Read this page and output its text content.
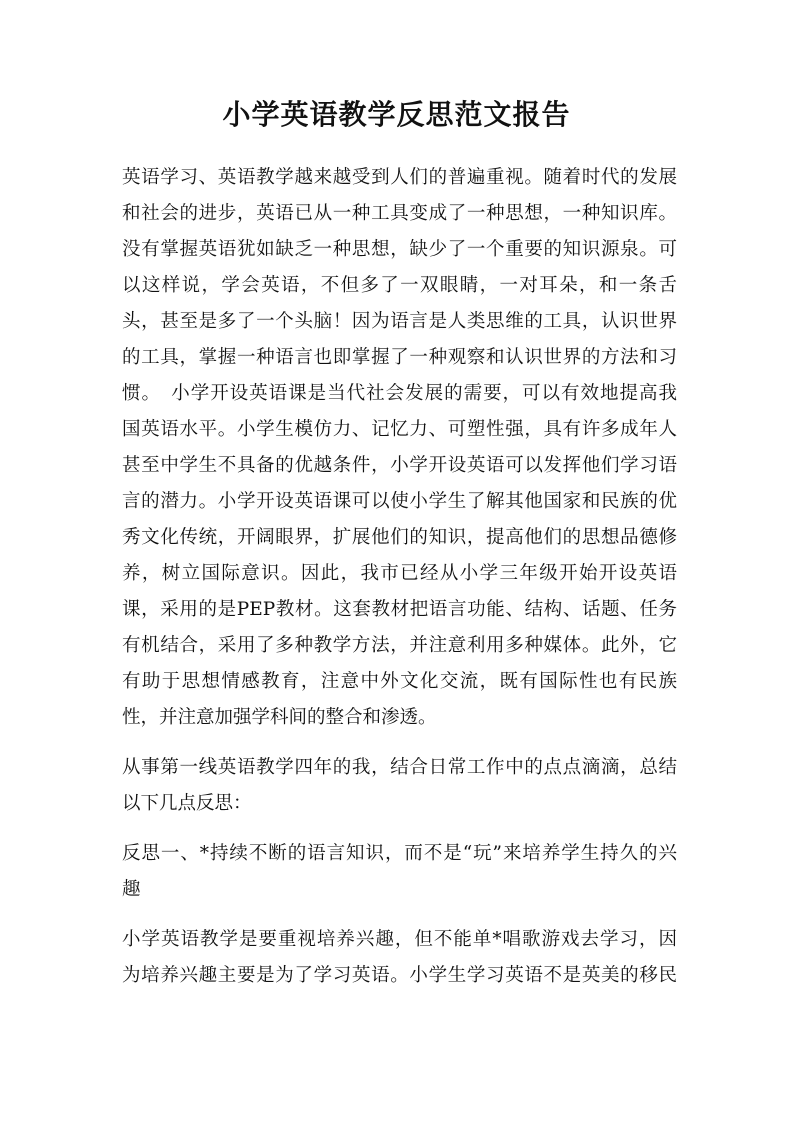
小学英语教学反思范文报告
英语学习、英语教学越来越受到人们的普遍重视。随着时代的发展
和社会的进步，英语已从一种工具变成了一种思想，一种知识库。
没有掌握英语犹如缺乏一种思想，缺少了一个重要的知识源泉。可
以这样说，学会英语，不但多了一双眼睛，一对耳朵，和一条舌
头，甚至是多了一个头脑！因为语言是人类思维的工具，认识世界
的工具，掌握一种语言也即掌握了一种观察和认识世界的方法和习
惯。　小学开设英语课是当代社会发展的需要，可以有效地提高我
国英语水平。小学生模仿力、记忆力、可塑性强，具有许多成年人
甚至中学生不具备的优越条件，小学开设英语可以发挥他们学习语
言的潜力。小学开设英语课可以使小学生了解其他国家和民族的优
秀文化传统，开阔眼界，扩展他们的知识，提高他们的思想品德修
养，树立国际意识。因此，我市已经从小学三年级开始开设英语
课，采用的是PEP教材。这套教材把语言功能、结构、话题、任务
有机结合，采用了多种教学方法，并注意利用多种媒体。此外，它
有助于思想情感教育，注意中外文化交流，既有国际性也有民族
性，并注意加强学科间的整合和渗透。
从事第一线英语教学四年的我，结合日常工作中的点点滴滴，总结
以下几点反思：
反思一、*持续不断的语言知识，而不是“玩”来培养学生持久的兴
趣
小学英语教学是要重视培养兴趣，但不能单*唱歌游戏去学习，因
为培养兴趣主要是为了学习英语。小学生学习英语不是英美的移民
